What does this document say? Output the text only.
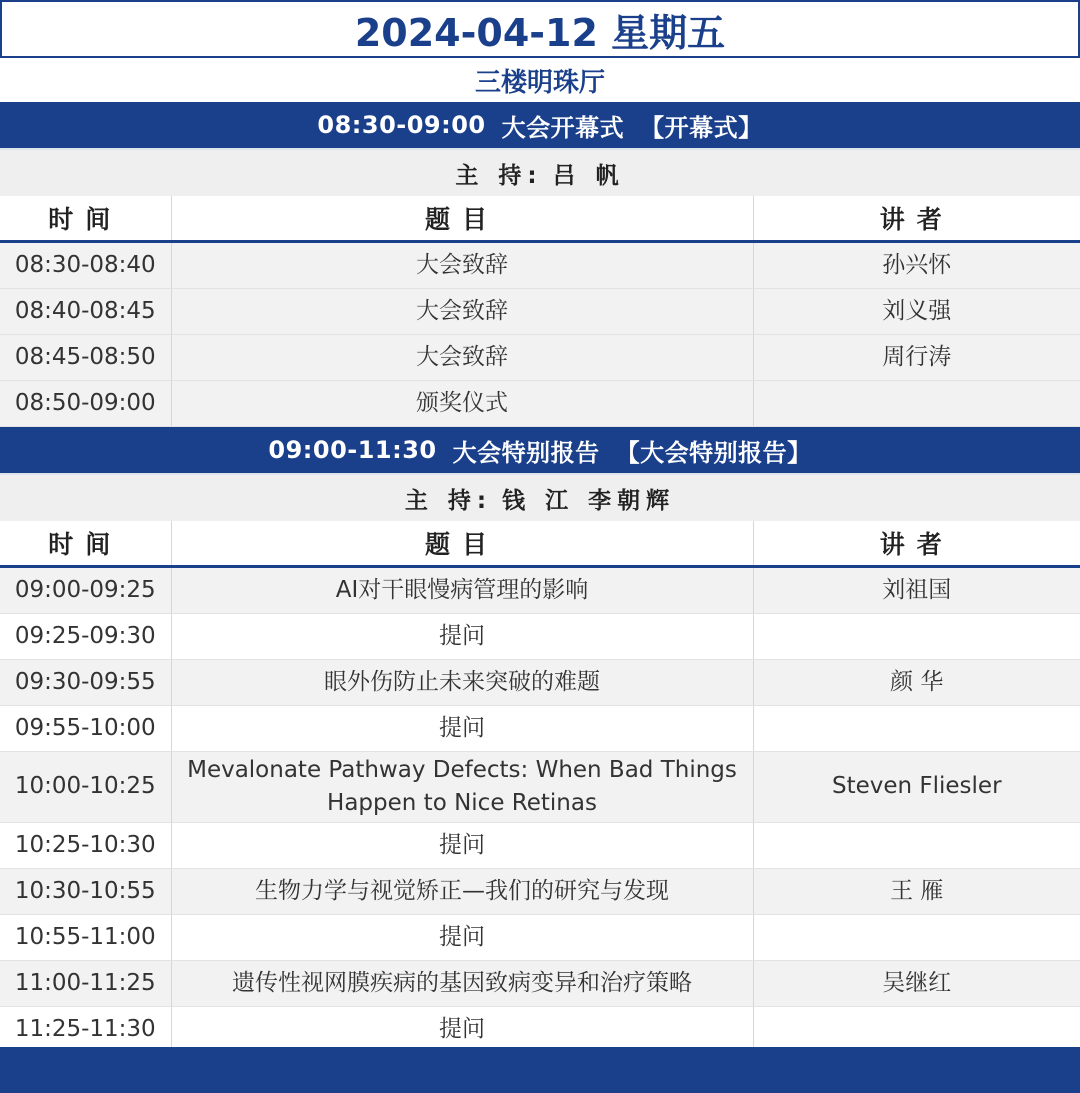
2024-04-12 星期五
三楼明珠厅
08:30-09:00 大会开幕式 【开幕式】
主 持: 吕 帆
时间	题目	讲者
08:30-08:40	大会致辞	孙兴怀
08:40-08:45	大会致辞	刘义强
08:45-08:50	大会致辞	周行涛
08:50-09:00	颁奖仪式	
09:00-11:30 大会特别报告 【大会特别报告】
主 持: 钱 江 李朝辉
时间	题目	讲者
09:00-09:25	AI对干眼慢病管理的影响	刘祖国
09:25-09:30	提问	
09:30-09:55	眼外伤防止未来突破的难题	颜 华
09:55-10:00	提问	
10:00-10:25	Mevalonate Pathway Defects: When Bad Things Happen to Nice Retinas	Steven Fliesler
10:25-10:30	提问	
10:30-10:55	生物力学与视觉矫正—我们的研究与发现	王 雁
10:55-11:00	提问	
11:00-11:25	遗传性视网膜疾病的基因致病变异和治疗策略	吴继红
11:25-11:30	提问	
